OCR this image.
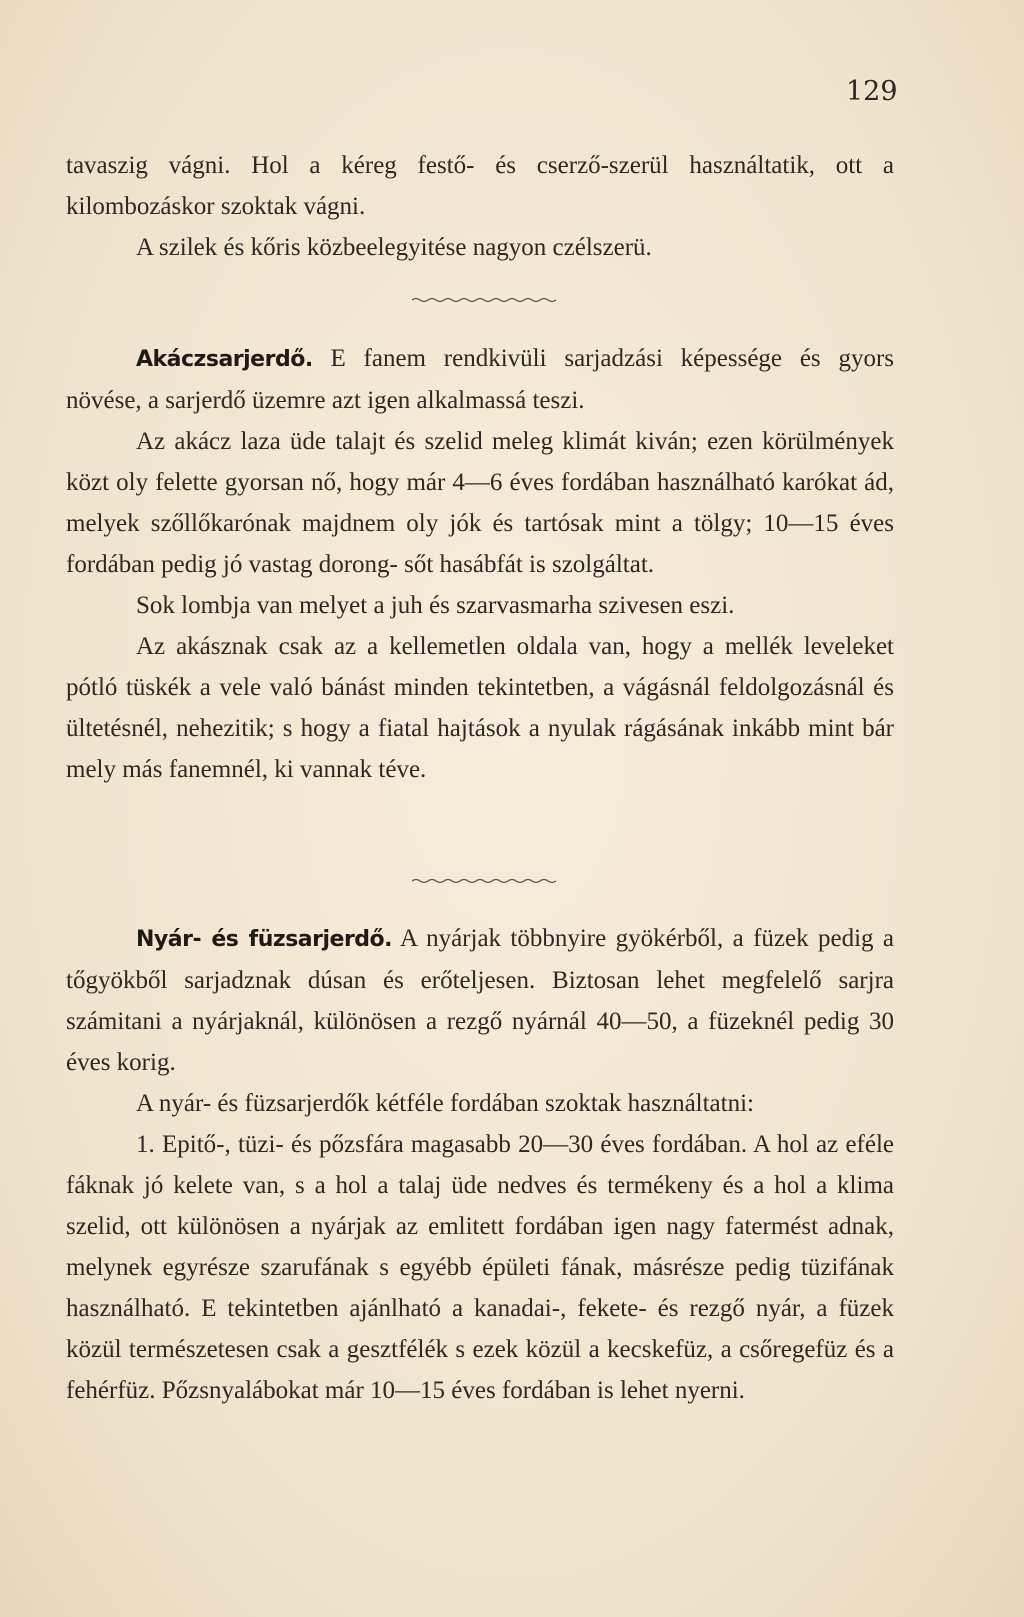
129

tavaszig vágni. Hol a kéreg festő- és cserző-szerül használtatik, ott a kilombozáskor szoktak vágni.

A szilek és kőris közbeelegyitése nagyon czélszerü.

Akáczsarjerdő. E fanem rendkivüli sarjadzási képessége és gyors növése, a sarjerdő üzemre azt igen alkalmassá teszi.

Az akácz laza üde talajt és szelid meleg klimát kiván; ezen körülmények közt oly felette gyorsan nő, hogy már 4—6 éves fordában használható karókat ád, melyek szőllőkarónak majdnem oly jók és tartósak mint a tölgy; 10—15 éves fordában pedig jó vastag dorong- sőt hasábfát is szolgáltat.

Sok lombja van melyet a juh és szarvasmarha szivesen eszi.

Az akásznak csak az a kellemetlen oldala van, hogy a mellék leveleket pótló tüskék a vele való bánást minden tekintetben, a vágásnál feldolgozásnál és ültetésnél, nehezitik; s hogy a fiatal hajtások a nyulak rágásának inkább mint bár mely más fanemnél, ki vannak téve.

Nyár- és füzsarjerdő. A nyárjak többnyire gyökérből, a füzek pedig a tőgyökből sarjadznak dúsan és erőteljesen. Biztosan lehet megfelelő sarjra számitani a nyárjaknál, különösen a rezgő nyárnál 40—50, a füzeknél pedig 30 éves korig.

A nyár- és füzsarjerdők kétféle fordában szoktak használtatni:

1. Epitő-, tüzi- és pőzsfára magasabb 20—30 éves fordában. A hol az eféle fáknak jó kelete van, s a hol a talaj üde nedves és termékeny és a hol a klima szelid, ott különösen a nyárjak az emlitett fordában igen nagy fatermést adnak, melynek egyrésze szarufának s egyébb épületi fának, másrésze pedig tüzifának használható. E tekintetben ajánlható a kanadai-, fekete- és rezgő nyár, a füzek közül természetesen csak a gesztfélék s ezek közül a kecskefüz, a csőregefüz és a fehérfüz. Pőzsnyalábokat már 10—15 éves fordában is lehet nyerni.
